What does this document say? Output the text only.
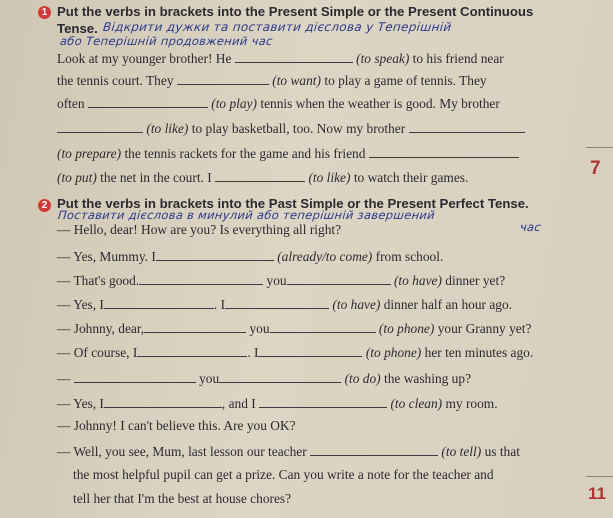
1 Put the verbs in brackets into the Present Simple or the Present Continuous
Tense. Відкрити дужки та поставити дієслова у Теперішній
або Теперішній продовжений час
Look at my younger brother! He	(to speak) to his friend near
the tennis court. They	(to want) to play a game of tennis. They
often	(to play) tennis when the weather is good. My brother
(to like) to play basketball, too. Now my brother
(to prepare) the tennis rackets for the game and his friend
(to put) the net in the court. I	(to like) to watch their games.	7
2 Put the verbs in brackets into the Past Simple or the Present Perfect Tense.
Поставити дієслова в минулий або теперішній завершений
час
— Hello, dear! How are you? Is everything all right?
— Yes, Mummy. I	(already/to come) from school.
— That's good.	you	(to have) dinner yet?
— Yes, I	. I	(to have) dinner half an hour ago.
— Johnny, dear,	you	(to phone) your Granny yet?
— Of course, I	. I	(to phone) her ten minutes ago.
—	you	(to do) the washing up?
— Yes, I	, and I	(to clean) my room.
— Johnny! I can't believe this. Are you OK?
— Well, you see, Mum, last lesson our teacher	(to tell) us that
the most helpful pupil can get a prize. Can you write a note for the teacher and
tell her that I'm the best at house chores?	11
